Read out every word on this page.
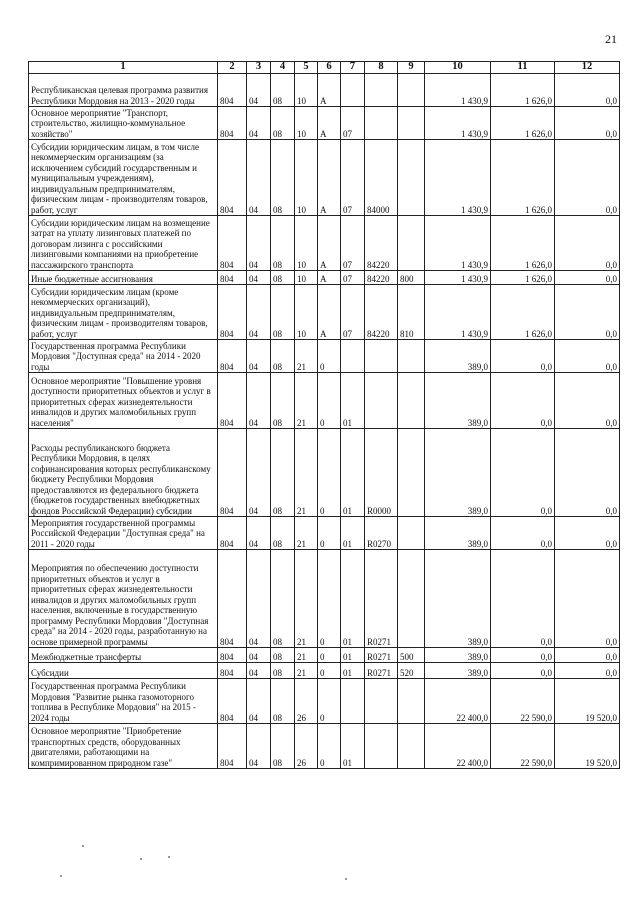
21
1	2	3	4	5	6	7	8	9	10	11	12
Республиканская целевая программа развития Республики Мордовия на 2013 - 2020 годы	804	04	08	10	А				1 430,9	1 626,0	0,0
Основное мероприятие "Транспорт, строительство, жилищно-коммунальное хозяйство"	804	04	08	10	А	07			1 430,9	1 626,0	0,0
Субсидии юридическим лицам, в том числе некоммерческим организациям (за исключением субсидий государственным и муниципальным учреждениям), индивидуальным предпринимателям, физическим лицам - производителям товаров, работ, услуг	804	04	08	10	А	07	84000		1 430,9	1 626,0	0,0
Субсидии юридическим лицам на возмещение затрат на уплату лизинговых платежей по договорам лизинга с российскими лизинговыми компаниями на приобретение пассажирского транспорта	804	04	08	10	А	07	84220		1 430,9	1 626,0	0,0
Иные бюджетные ассигнования	804	04	08	10	А	07	84220	800	1 430,9	1 626,0	0,0
Субсидии юридическим лицам (кроме некоммерческих организаций), индивидуальным предпринимателям, физическим лицам - производителям товаров, работ, услуг	804	04	08	10	А	07	84220	810	1 430,9	1 626,0	0,0
Государственная программа Республики Мордовия "Доступная среда" на 2014 - 2020 годы	804	04	08	21	0				389,0	0,0	0,0
Основное мероприятие "Повышение уровня доступности приоритетных объектов и услуг в приоритетных сферах жизнедеятельности инвалидов и других маломобильных групп населения"	804	04	08	21	0	01			389,0	0,0	0,0
Расходы республиканского бюджета Республики Мордовия, в целях софинансирования которых республиканскому бюджету Республики Мордовия предоставляются из федерального бюджета (бюджетов государственных внебюджетных фондов Российской Федерации) субсидии	804	04	08	21	0	01	R0000		389,0	0,0	0,0
Мероприятия государственной программы Российской Федерации "Доступная среда" на 2011 - 2020 годы	804	04	08	21	0	01	R0270		389,0	0,0	0,0
Мероприятия по обеспечению доступности приоритетных объектов и услуг в приоритетных сферах жизнедеятельности инвалидов и других маломобильных групп населения, включенные в государственную программу Республики Мордовия "Доступная среда" на 2014 - 2020 годы, разработанную на основе примерной программы	804	04	08	21	0	01	R0271		389,0	0,0	0,0
Межбюджетные трансферты	804	04	08	21	0	01	R0271	500	389,0	0,0	0,0
Субсидии	804	04	08	21	0	01	R0271	520	389,0	0,0	0,0
Государственная программа Республики Мордовия "Развитие рынка газомоторного топлива в Республике Мордовия" на 2015 - 2024 годы	804	04	08	26	0				22 400,0	22 590,0	19 520,0
Основное мероприятие "Приобретение транспортных средств, оборудованных двигателями, работающими на компримированном природном газе"	804	04	08	26	0	01			22 400,0	22 590,0	19 520,0
